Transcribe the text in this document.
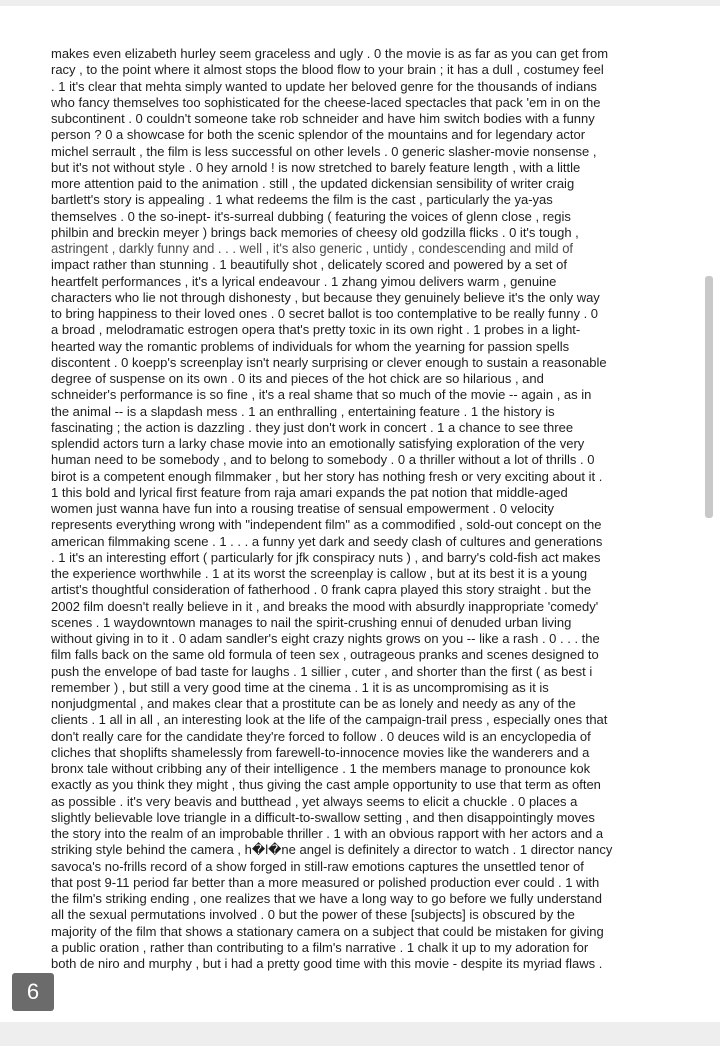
makes even elizabeth hurley seem graceless and ugly . 0 the movie is as far as you can get from
racy , to the point where it almost stops the blood flow to your brain ; it has a dull , costumey feel
. 1 it's clear that mehta simply wanted to update her beloved genre for the thousands of indians
who fancy themselves too sophisticated for the cheese-laced spectacles that pack 'em in on the
subcontinent . 0 couldn't someone take rob schneider and have him switch bodies with a funny
person ? 0 a showcase for both the scenic splendor of the mountains and for legendary actor
michel serrault , the film is less successful on other levels . 0 generic slasher-movie nonsense ,
but it's not without style . 0 hey arnold ! is now stretched to barely feature length , with a little
more attention paid to the animation . still , the updated dickensian sensibility of writer craig
bartlett's story is appealing . 1 what redeems the film is the cast , particularly the ya-yas
themselves . 0 the so-inept- it's-surreal dubbing ( featuring the voices of glenn close , regis
philbin and breckin meyer ) brings back memories of cheesy old godzilla flicks . 0 it's tough ,
astringent , darkly funny and . . . well , it's also generic , untidy , condescending and mild of
impact rather than stunning . 1 beautifully shot , delicately scored and powered by a set of
heartfelt performances , it's a lyrical endeavour . 1 zhang yimou delivers warm , genuine
characters who lie not through dishonesty , but because they genuinely believe it's the only way
to bring happiness to their loved ones . 0 secret ballot is too contemplative to be really funny . 0
a broad , melodramatic estrogen opera that's pretty toxic in its own right . 1 probes in a light-
hearted way the romantic problems of individuals for whom the yearning for passion spells
discontent . 0 koepp's screenplay isn't nearly surprising or clever enough to sustain a reasonable
degree of suspense on its own . 0 its and pieces of the hot chick are so hilarious , and
schneider's performance is so fine , it's a real shame that so much of the movie -- again , as in
the animal -- is a slapdash mess . 1 an enthralling , entertaining feature . 1 the history is
fascinating ; the action is dazzling . they just don't work in concert . 1 a chance to see three
splendid actors turn a larky chase movie into an emotionally satisfying exploration of the very
human need to be somebody , and to belong to somebody . 0 a thriller without a lot of thrills . 0
birot is a competent enough filmmaker , but her story has nothing fresh or very exciting about it .
1 this bold and lyrical first feature from raja amari expands the pat notion that middle-aged
women just wanna have fun into a rousing treatise of sensual empowerment . 0 velocity
represents everything wrong with "independent film" as a commodified , sold-out concept on the
american filmmaking scene . 1 . . . a funny yet dark and seedy clash of cultures and generations
. 1 it's an interesting effort ( particularly for jfk conspiracy nuts ) , and barry's cold-fish act makes
the experience worthwhile . 1 at its worst the screenplay is callow , but at its best it is a young
artist's thoughtful consideration of fatherhood . 0 frank capra played this story straight . but the
2002 film doesn't really believe in it , and breaks the mood with absurdly inappropriate 'comedy'
scenes . 1 waydowntown manages to nail the spirit-crushing ennui of denuded urban living
without giving in to it . 0 adam sandler's eight crazy nights grows on you -- like a rash . 0 . . . the
film falls back on the same old formula of teen sex , outrageous pranks and scenes designed to
push the envelope of bad taste for laughs . 1 sillier , cuter , and shorter than the first ( as best i
remember ) , but still a very good time at the cinema . 1 it is as uncompromising as it is
nonjudgmental , and makes clear that a prostitute can be as lonely and needy as any of the
clients . 1 all in all , an interesting look at the life of the campaign-trail press , especially ones that
don't really care for the candidate they're forced to follow . 0 deuces wild is an encyclopedia of
cliches that shoplifts shamelessly from farewell-to-innocence movies like the wanderers and a
bronx tale without cribbing any of their intelligence . 1 the members manage to pronounce kok
exactly as you think they might , thus giving the cast ample opportunity to use that term as often
as possible . it's very beavis and butthead , yet always seems to elicit a chuckle . 0 places a
slightly believable love triangle in a difficult-to-swallow setting , and then disappointingly moves
the story into the realm of an improbable thriller . 1 with an obvious rapport with her actors and a
striking style behind the camera , h�l�ne angel is definitely a director to watch . 1 director nancy
savoca's no-frills record of a show forged in still-raw emotions captures the unsettled tenor of
that post 9-11 period far better than a more measured or polished production ever could . 1 with
the film's striking ending , one realizes that we have a long way to go before we fully understand
all the sexual permutations involved . 0 but the power of these [subjects] is obscured by the
majority of the film that shows a stationary camera on a subject that could be mistaken for giving
a public oration , rather than contributing to a film's narrative . 1 chalk it up to my adoration for
both de niro and murphy , but i had a pretty good time with this movie - despite its myriad flaws .
6
